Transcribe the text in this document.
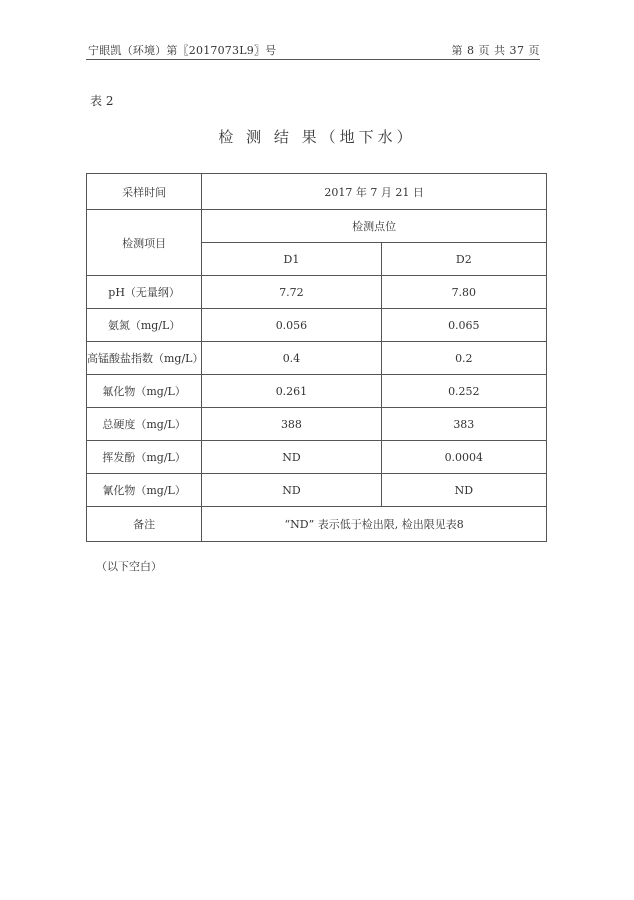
宁眼凯（环境）第〖2017073L9〗号	第 8 页 共 37 页
表 2
检 测 结 果（地下水）
采样时间	2017 年 7 月 21 日	
检测项目	检测点位	
	D1	D2
pH（无量纲）	7.72	7.80
氨氮（mg/L）	0.056	0.065
高锰酸盐指数（mg/L）	0.4	0.2
氟化物（mg/L）	0.261	0.252
总硬度（mg/L）	388	383
挥发酚（mg/L）	ND	0.0004
氰化物（mg/L）	ND	ND
备注	“ND” 表示低于检出限, 检出限见表8	
（以下空白）
